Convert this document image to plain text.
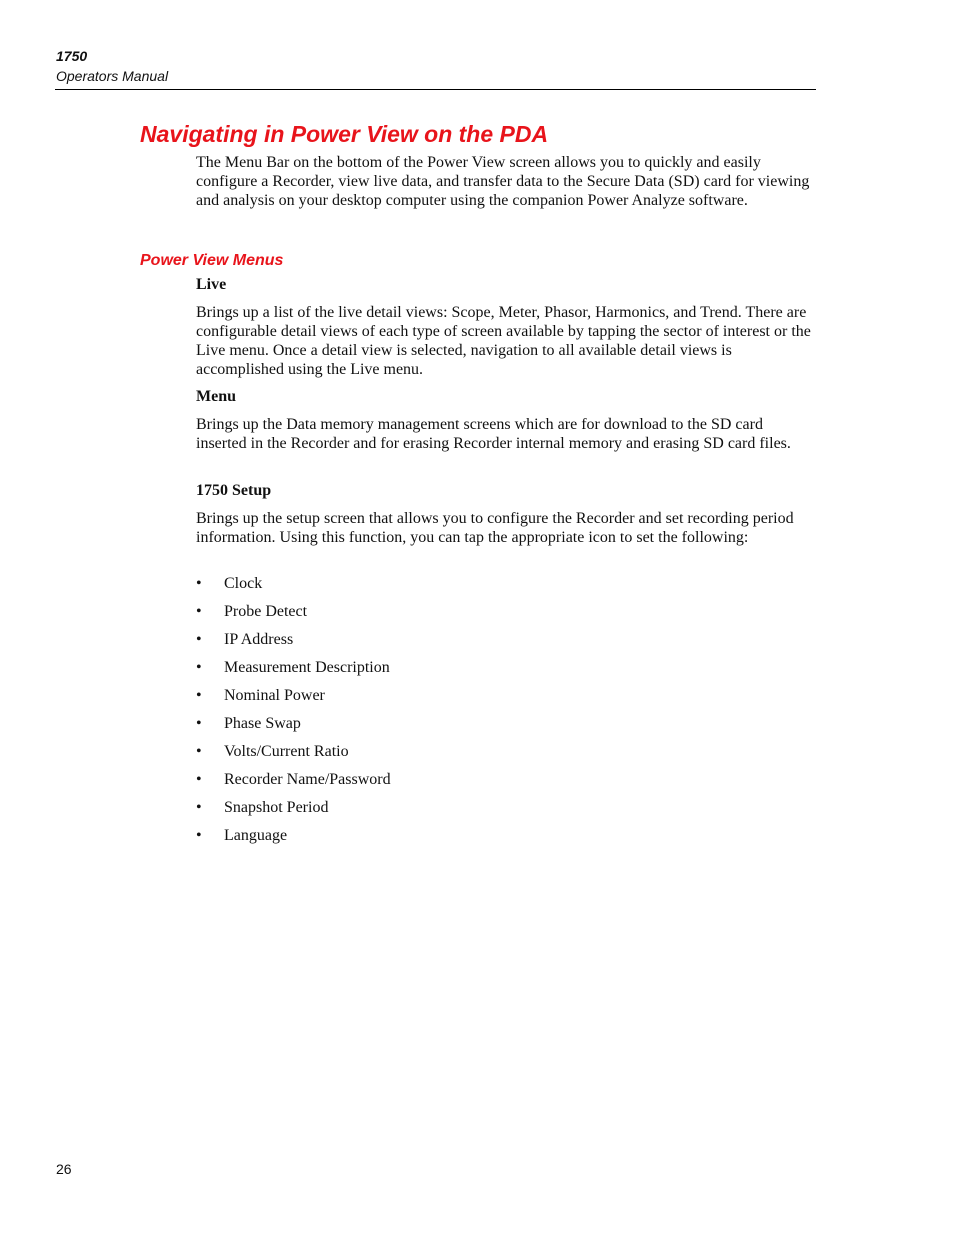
1750

Operators Manual

Navigating in Power View on the PDA

The Menu Bar on the bottom of the Power View screen allows you to quickly and easily configure a Recorder, view live data, and transfer data to the Secure Data (SD) card for viewing and analysis on your desktop computer using the companion Power Analyze software.

Power View Menus

Live

Brings up a list of the live detail views: Scope, Meter, Phasor, Harmonics, and Trend. There are configurable detail views of each type of screen available by tapping the sector of interest or the Live menu. Once a detail view is selected, navigation to all available detail views is accomplished using the Live menu.

Menu

Brings up the Data memory management screens which are for download to the SD card inserted in the Recorder and for erasing Recorder internal memory and erasing SD card files.

1750 Setup

Brings up the setup screen that allows you to configure the Recorder and set recording period information. Using this function, you can tap the appropriate icon to set the following:

• Clock
• Probe Detect
• IP Address
• Measurement Description
• Nominal Power
• Phase Swap
• Volts/Current Ratio
• Recorder Name/Password
• Snapshot Period
• Language

26
